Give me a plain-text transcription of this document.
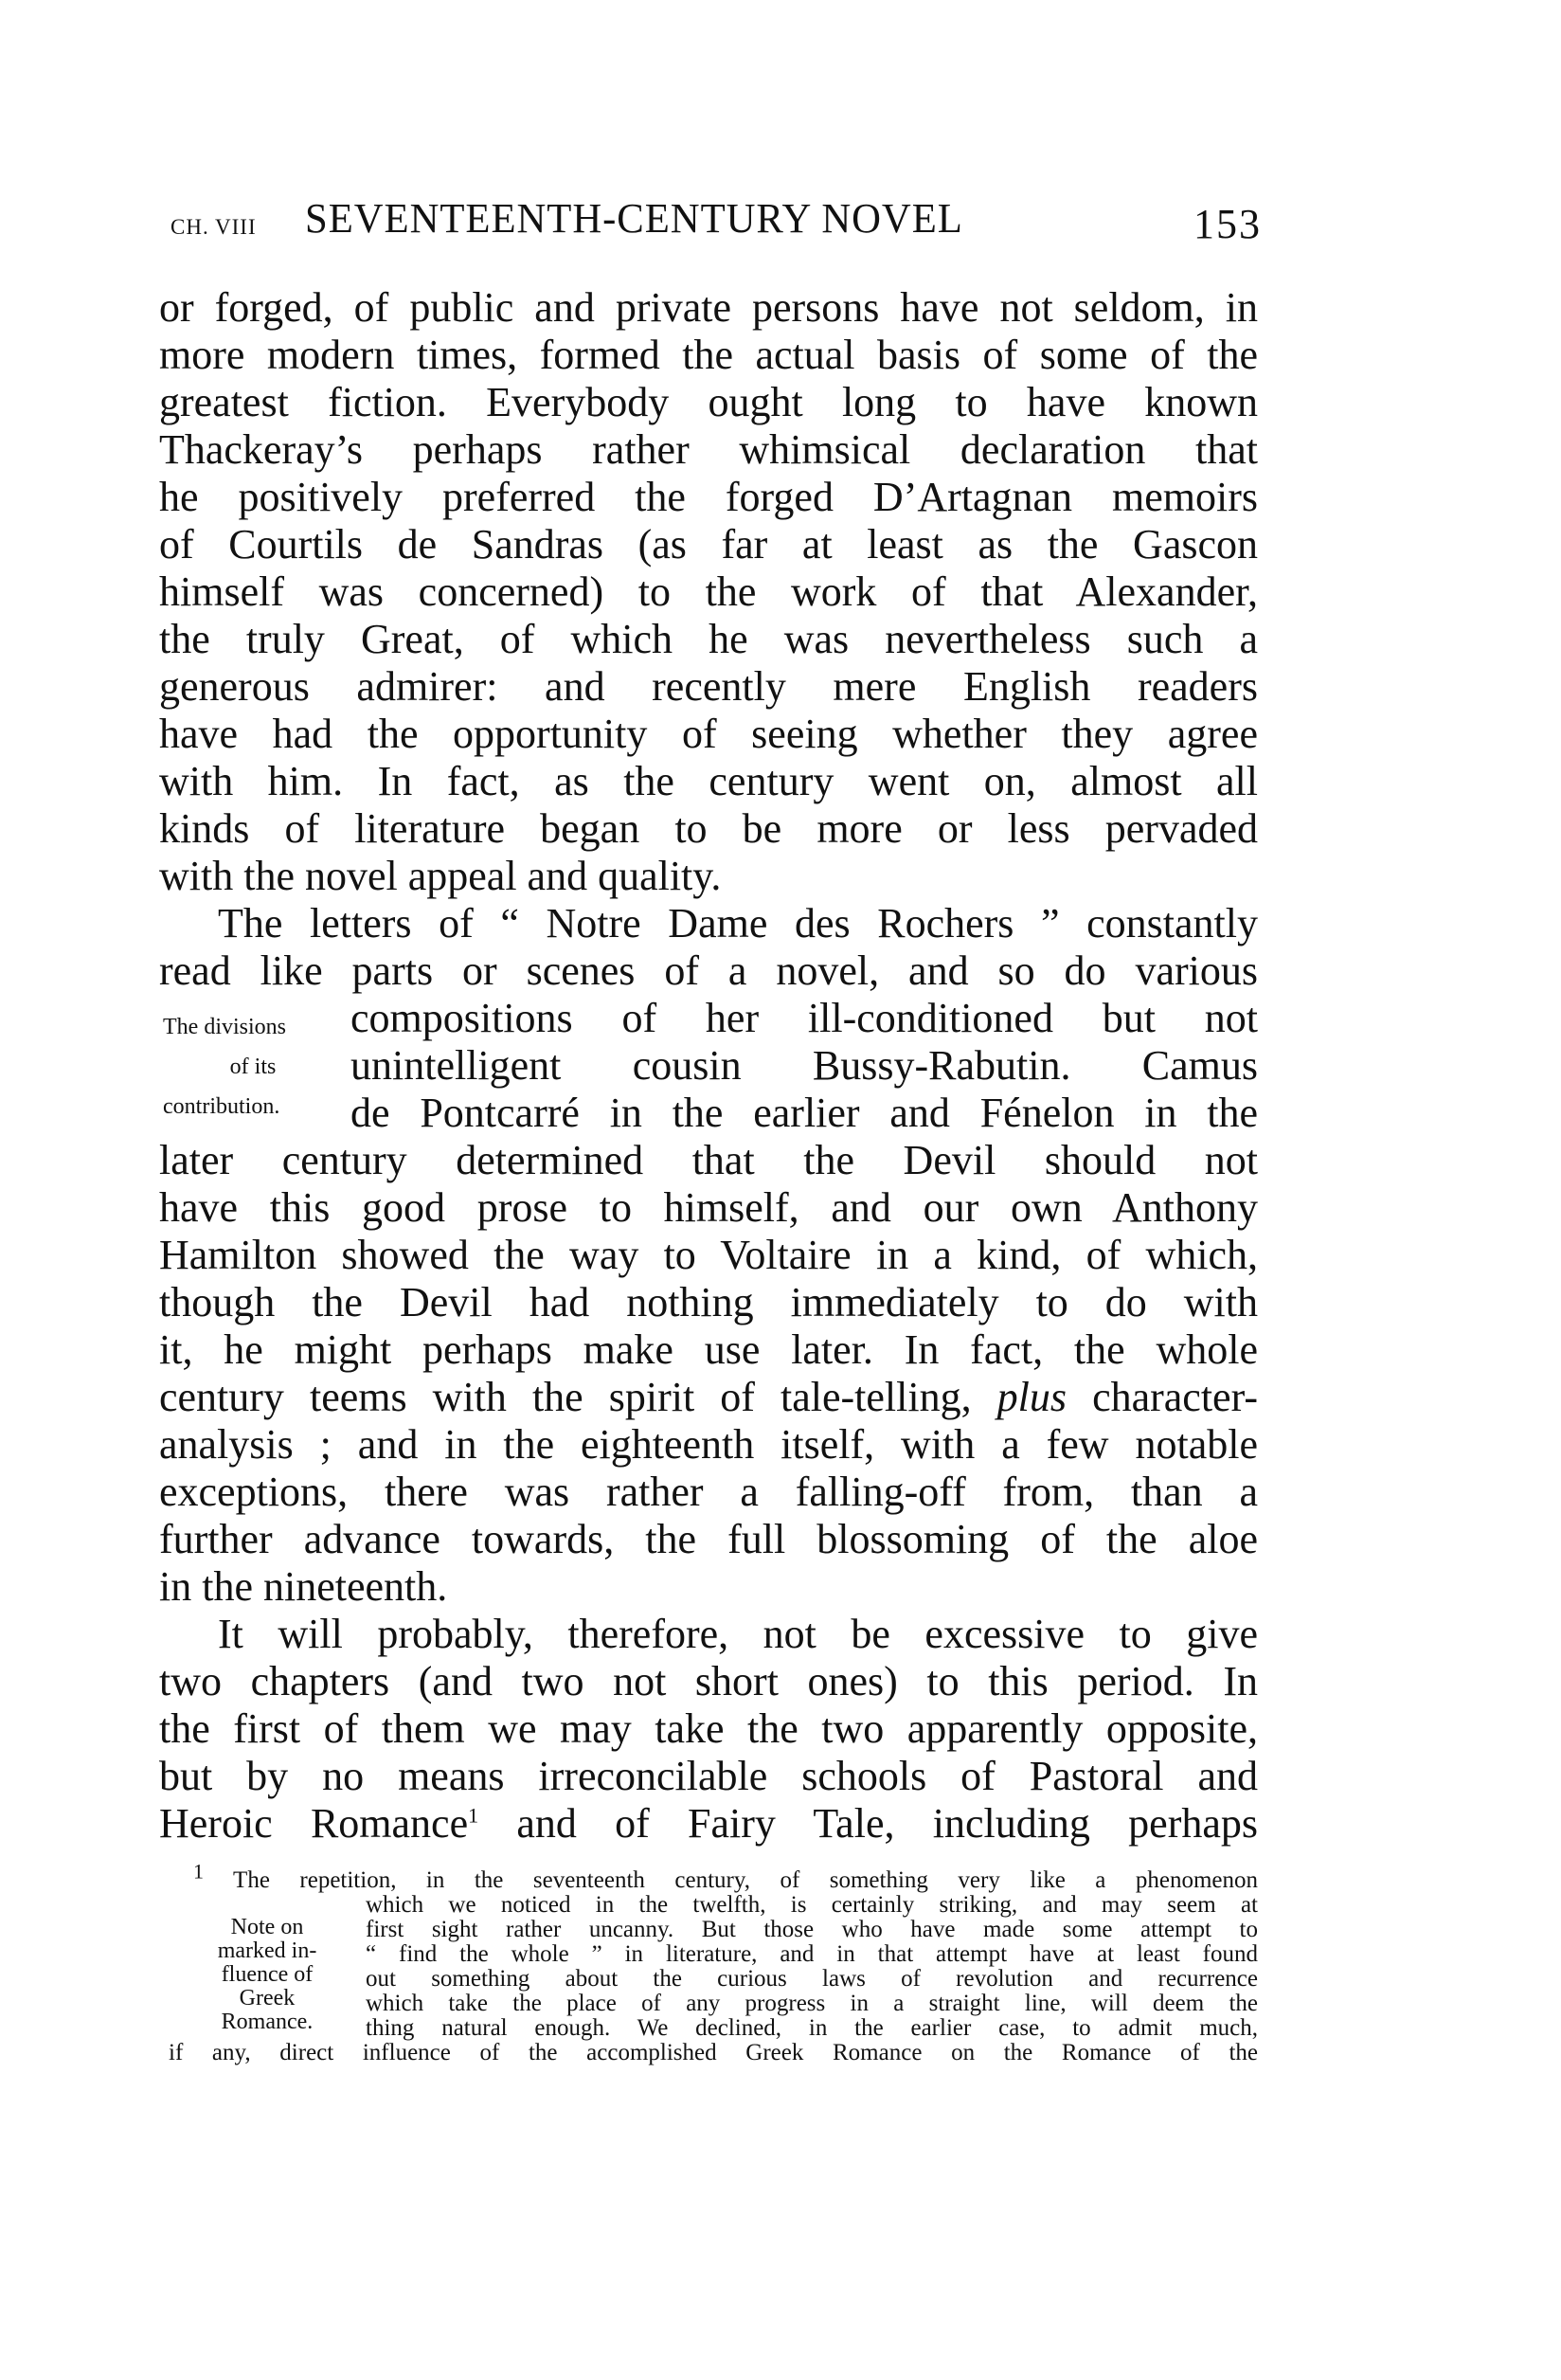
CH. VIII SEVENTEENTH-CENTURY NOVEL	153
or forged, of public and private persons have not seldom, in
more modern times, formed the actual basis of some of the
greatest fiction. Everybody ought long to have known
Thackeray’s perhaps rather whimsical declaration that
he positively preferred the forged D’Artagnan memoirs
of Courtils de Sandras (as far at least as the Gascon
himself was concerned) to the work of that Alexander,
the truly Great, of which he was nevertheless such a
generous admirer: and recently mere English readers
have had the opportunity of seeing whether they agree
with him. In fact, as the century went on, almost all
kinds of literature began to be more or less pervaded
with the novel appeal and quality.
The letters of “ Notre Dame des Rochers ” constantly
read like parts or scenes of a novel, and so do various
compositions of her ill-conditioned but not
unintelligent cousin Bussy-Rabutin. Camus
de Pontcarré in the earlier and Fénelon in the
later century determined that the Devil should not
have this good prose to himself, and our own Anthony
Hamilton showed the way to Voltaire in a kind, of which,
though the Devil had nothing immediately to do with
it, he might perhaps make use later. In fact, the whole
century teems with the spirit of tale-telling, plus character-
analysis ; and in the eighteenth itself, with a few notable
exceptions, there was rather a falling-off from, than a
further advance towards, the full blossoming of the aloe
in the nineteenth.
It will probably, therefore, not be excessive to give
two chapters (and two not short ones) to this period. In
the first of them we may take the two apparently opposite,
but by no means irreconcilable schools of Pastoral and
Heroic Romance$^1$ and of Fairy Tale, including perhaps
The divisions
of its
contribution.
1 The repetition, in the seventeenth century, of something very like a phenomenon
which we noticed in the twelfth, is certainly striking, and may seem at
first sight rather uncanny. But those who have made some attempt to
“ find the whole ” in literature, and in that attempt have at least found
out something about the curious laws of revolution and recurrence
which take the place of any progress in a straight line, will deem the
thing natural enough. We declined, in the earlier case, to admit much,
if any, direct influence of the accomplished Greek Romance on the Romance of the
Note on
marked in-
fluence of
Greek
Romance.
